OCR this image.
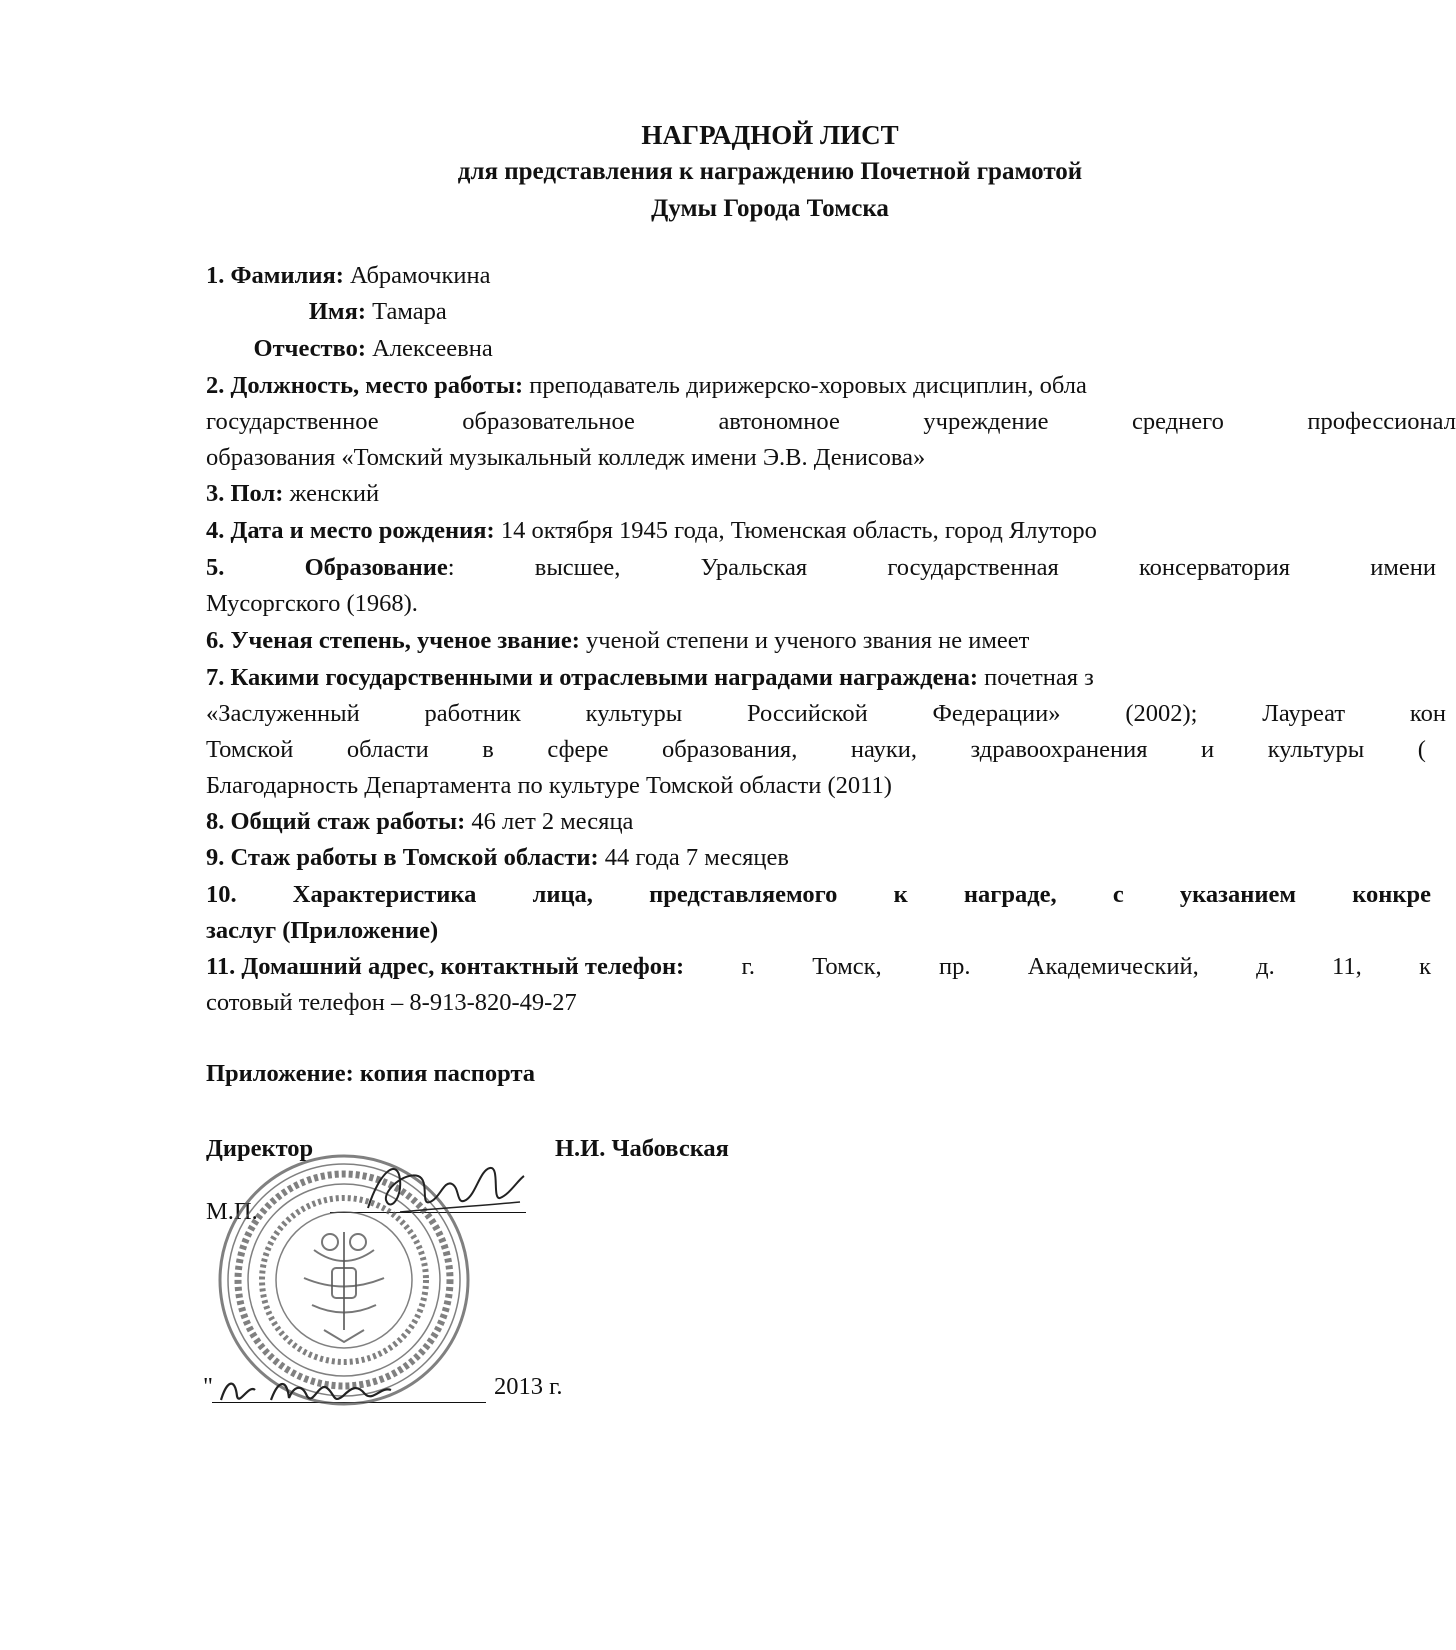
НАГРАДНОЙ ЛИСТ
для представления к награждению Почетной грамотой
Думы Города Томска
1. Фамилия: Абрамочкина
Имя: Тамара
Отчество: Алексеевна
2. Должность, место работы: преподаватель дирижерско-хоровых дисциплин, обла
государственное	образовательное	автономное	учреждение	среднего	профессионал
образования «Томский музыкальный колледж имени Э.В. Денисова»
3. Пол: женский
4. Дата и место рождения: 14 октября 1945 года, Тюменская область, город Ялуторо
5.	Образование:	высшее,	Уральская	государственная	консерватория	имени
Мусоргского (1968).
6. Ученая степень, ученое звание: ученой степени и ученого звания не имеет
7. Какими государственными и отраслевыми наградами награждена: почетная з
«Заслуженный	работник	культуры	Российской	Федерации»	(2002);	Лауреат	кон
Томской области в сфере образования, науки, здравоохранения и культуры (
Благодарность Департамента по культуре Томской области (2011)
8. Общий стаж работы: 46 лет 2 месяца
9. Стаж работы в Томской области: 44 года 7 месяцев
10. Характеристика лица, представляемого к награде, с указанием конкре
заслуг (Приложение)
11. Домашний адрес, контактный телефон: г. Томск, пр. Академический, д. 11, к
сотовый телефон – 8-913-820-49-27
Приложение: копия паспорта
Директор	Н.И. Чабовская
М.П.
"	2013 г.
